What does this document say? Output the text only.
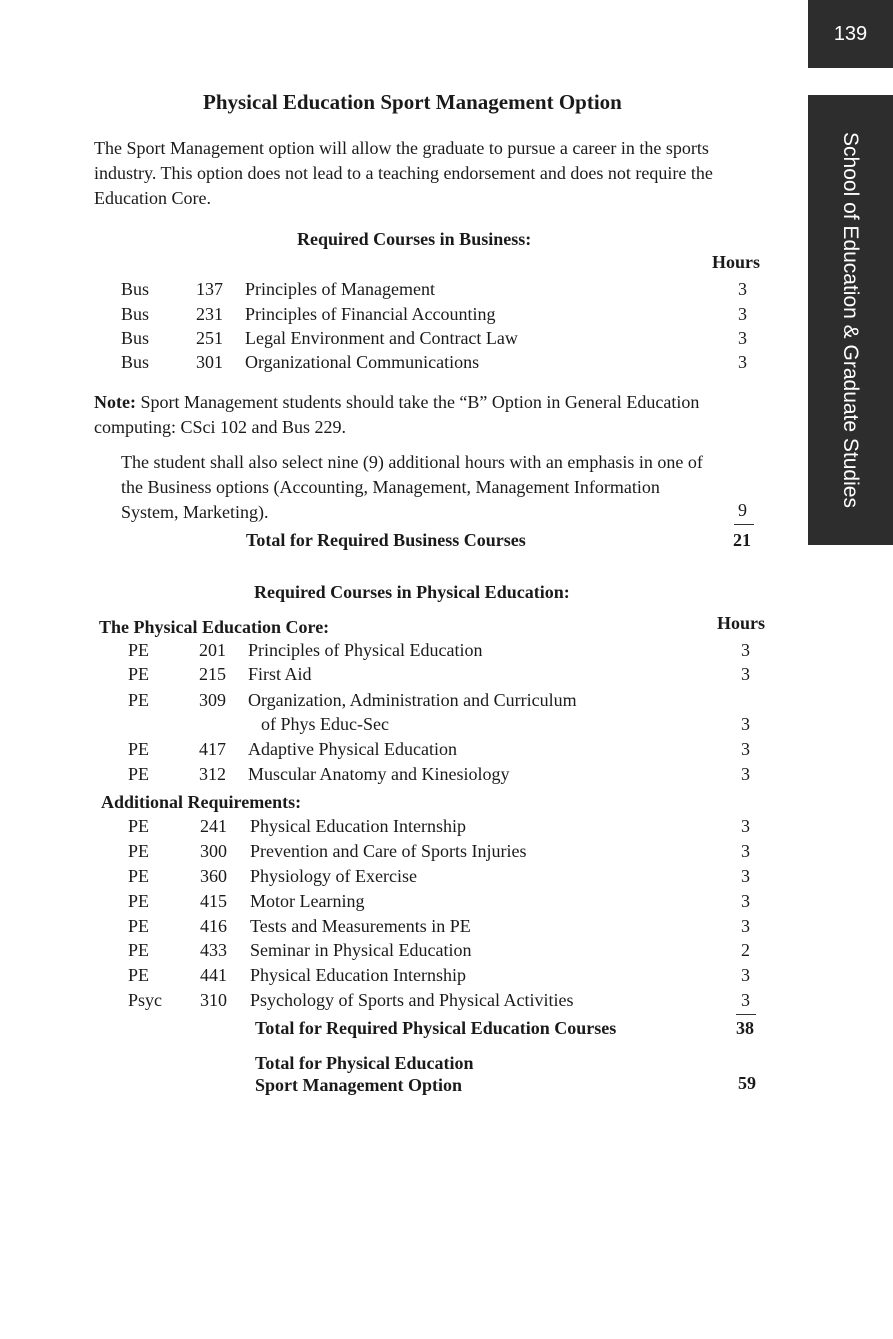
139
School of Education & Graduate Studies
Physical Education Sport Management Option
The Sport Management option will allow the graduate to pursue a career in the sports industry. This option does not lead to a teaching endorsement and does not require the Education Core.
Required Courses in Business:
Hours
Bus	137 Principles of Management	3
Bus	231 Principles of Financial Accounting	3
Bus	251 Legal Environment and Contract Law	3
Bus	301 Organizational Communications	3
Note: Sport Management students should take the “B” Option in General Education computing: CSci 102 and Bus 229.
The student shall also select nine (9) additional hours with an emphasis in one of the Business options (Accounting, Management, Management Information System, Marketing).	9
Total for Required Business Courses	21
Required Courses in Physical Education:
The Physical Education Core:	Hours
PE	201 Principles of Physical Education	3
PE	215 First Aid	3
PE	309 Organization, Administration and Curriculum
of Phys Educ-Sec	3
PE	417 Adaptive Physical Education	3
PE	312 Muscular Anatomy and Kinesiology	3
Additional Requirements:
PE	241 Physical Education Internship	3
PE	300 Prevention and Care of Sports Injuries	3
PE	360 Physiology of Exercise	3
PE	415 Motor Learning	3
PE	416 Tests and Measurements in PE	3
PE	433 Seminar in Physical Education	2
PE	441 Physical Education Internship	3
Psyc 310 Psychology of Sports and Physical Activities	3
Total for Required Physical Education Courses	38
Total for Physical Education
Sport Management Option	59
